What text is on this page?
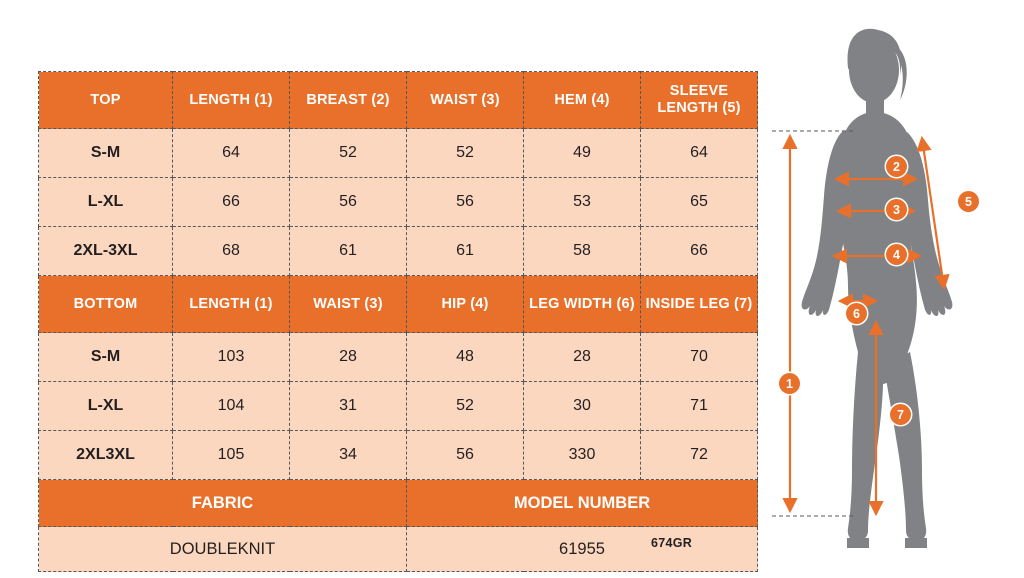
TOP	LENGTH (1)	BREAST (2)	WAIST (3)	HEM (4)	SLEEVE LENGTH (5)
S-M	64	52	52	49	64
L-XL	66	56	56	53	65
2XL-3XL	68	61	61	58	66
BOTTOM	LENGTH (1)	WAIST (3)	HIP (4)	LEG WIDTH (6)	INSIDE LEG (7)
S-M	103	28	48	28	70
L-XL	104	31	52	30	71
2XL3XL	105	34	56	330	72
FABRIC			MODEL NUMBER		
DOUBLEKNIT			61955			674GR
1
2
3
4
5
6
7
